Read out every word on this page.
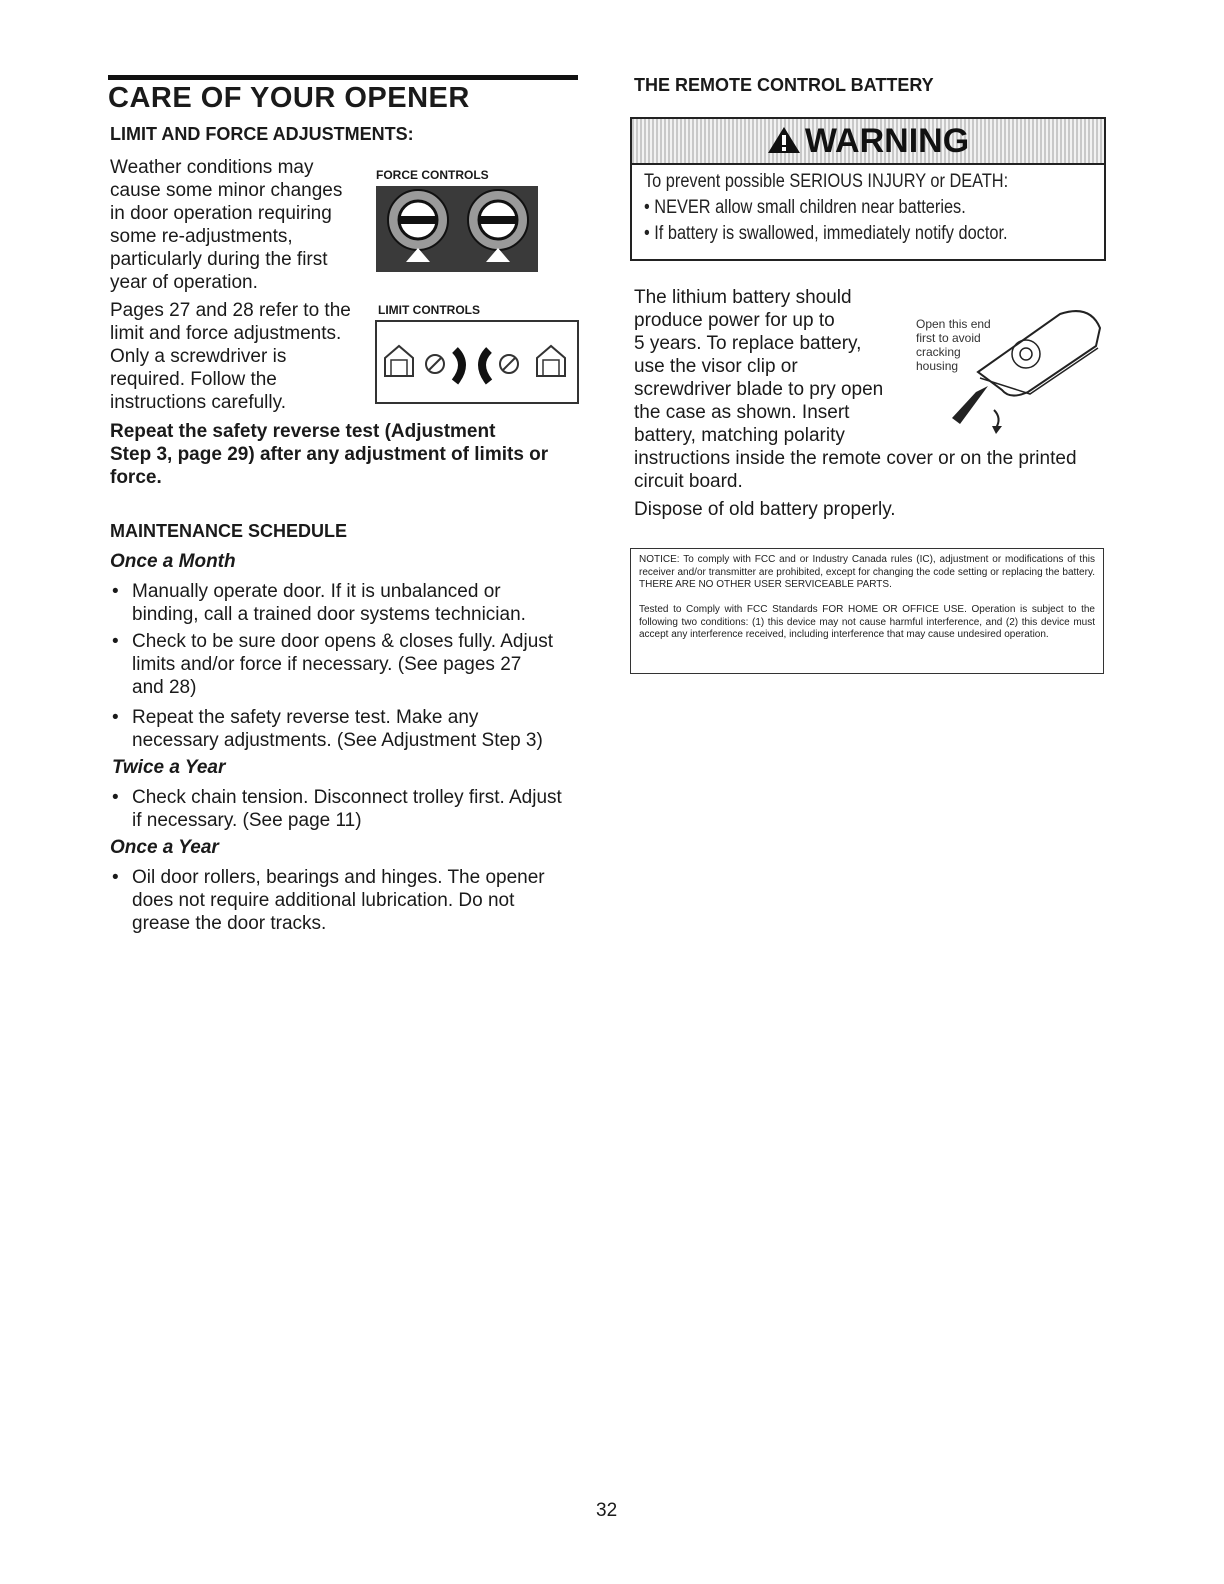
CARE OF YOUR OPENER
LIMIT AND FORCE ADJUSTMENTS:
Weather conditions may
cause some minor changes
in door operation requiring
some re-adjustments,
particularly during the first
year of operation.
FORCE CONTROLS
Pages 27 and 28 refer to the
limit and force adjustments.
Only a screwdriver is
required. Follow the
instructions carefully.
LIMIT CONTROLS
Repeat the safety reverse test (Adjustment
Step 3, page 29) after any adjustment of limits or
force.
MAINTENANCE SCHEDULE
Once a Month
• Manually operate door. If it is unbalanced or
binding, call a trained door systems technician.
• Check to be sure door opens & closes fully. Adjust
limits and/or force if necessary. (See pages 27
and 28)
• Repeat the safety reverse test. Make any
necessary adjustments. (See Adjustment Step 3)
Twice a Year
• Check chain tension. Disconnect trolley first. Adjust
if necessary. (See page 11)
Once a Year
• Oil door rollers, bearings and hinges. The opener
does not require additional lubrication. Do not
grease the door tracks.
THE REMOTE CONTROL BATTERY
WARNING
To prevent possible SERIOUS INJURY or DEATH:
• NEVER allow small children near batteries.
• If battery is swallowed, immediately notify doctor.
The lithium battery should
produce power for up to
5 years. To replace battery,
use the visor clip or
screwdriver blade to pry open
the case as shown. Insert
battery, matching polarity
instructions inside the remote cover or on the printed
circuit board.
Open this end
first to avoid
cracking
housing
Dispose of old battery properly.
NOTICE: To comply with FCC and or Industry Canada rules (IC), adjustment or modifications of this receiver and/or transmitter are prohibited, except for changing the code setting or replacing the battery. THERE ARE NO OTHER USER SERVICEABLE PARTS.
Tested to Comply with FCC Standards FOR HOME OR OFFICE USE. Operation is subject to the following two conditions: (1) this device may not cause harmful interference, and (2) this device must accept any interference received, including interference that may cause undesired operation.
32
